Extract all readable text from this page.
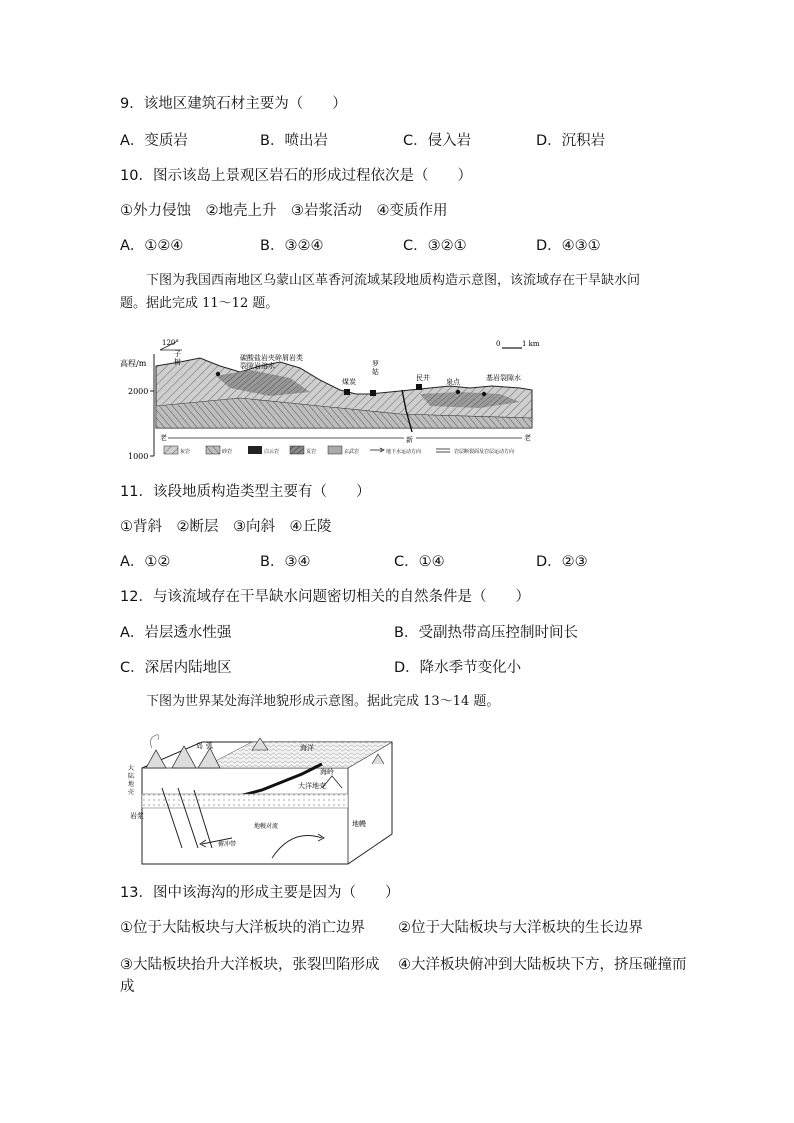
9．该地区建筑石材主要为（　　）
A．变质岩	B．喷出岩	C．侵入岩	D．沉积岩
10．图示该岛上景观区岩石的形成过程依次是（　　）
①外力侵蚀　②地壳上升　③岩浆活动　④变质作用
A．①②④	B．③②④	C．③②①	D．④③①
下图为我国西南地区乌蒙山区革香河流域某段地质构造示意图，该流域存在干旱缺水问
题。据此完成 11～12 题。
高程/m
2000
1000
120°	0	1 km
子
树	碳酸盐岩夹碎屑岩类
裂隙岩溶水	罗
姑
煤炭	民井 泉点	基岩裂隙水
老	新	老
灰岩	砂岩	白云岩	页岩	玄武岩	地下水运动方向	岩层断裂面及岩层运动方向
11．该段地质构造类型主要有（　　）
①背斜　②断层　③向斜　④丘陵
A．①②	B．③④	C．①④	D．②③
12．与该流域存在干旱缺水问题密切相关的自然条件是（　　）
A．岩层透水性强	B．受副热带高压控制时间长
C．深居内陆地区	D．降水季节变化小
下图为世界某处海洋地貌形成示意图。据此完成 13～14 题。
岛 弧	海洋
大
陆
地
壳
海岭
大洋地壳
岩浆
俯冲带
地幔对流	地幔
13．图中该海沟的形成主要是因为（　　）
①位于大陆板块与大洋板块的消亡边界 ②位于大陆板块与大洋板块的生长边界
③大陆板块抬升大洋板块，张裂凹陷形成 ④大洋板块俯冲到大陆板块下方，挤压碰撞而
成
